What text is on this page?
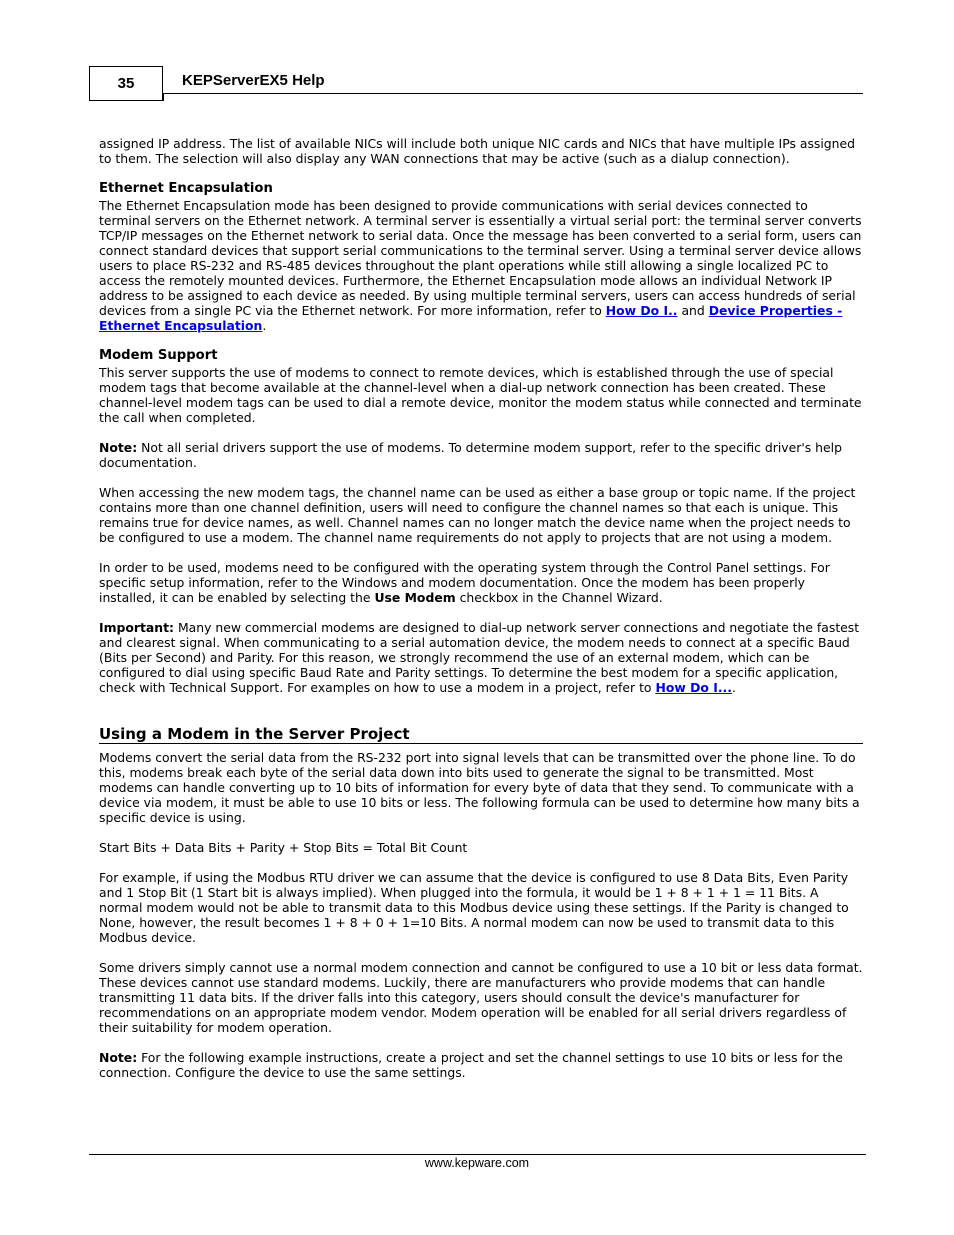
35	KEPServerEX5 Help

assigned IP address. The list of available NICs will include both unique NIC cards and NICs that have multiple IPs assigned to them. The selection will also display any WAN connections that may be active (such as a dialup connection).

Ethernet Encapsulation

The Ethernet Encapsulation mode has been designed to provide communications with serial devices connected to terminal servers on the Ethernet network. A terminal server is essentially a virtual serial port: the terminal server converts TCP/IP messages on the Ethernet network to serial data. Once the message has been converted to a serial form, users can connect standard devices that support serial communications to the terminal server. Using a terminal server device allows users to place RS-232 and RS-485 devices throughout the plant operations while still allowing a single localized PC to access the remotely mounted devices. Furthermore, the Ethernet Encapsulation mode allows an individual Network IP address to be assigned to each device as needed. By using multiple terminal servers, users can access hundreds of serial devices from a single PC via the Ethernet network. For more information, refer to How Do I.. and Device Properties - Ethernet Encapsulation.

Modem Support

This server supports the use of modems to connect to remote devices, which is established through the use of special modem tags that become available at the channel-level when a dial-up network connection has been created. These channel-level modem tags can be used to dial a remote device, monitor the modem status while connected and terminate the call when completed.

Note: Not all serial drivers support the use of modems. To determine modem support, refer to the specific driver's help documentation.

When accessing the new modem tags, the channel name can be used as either a base group or topic name. If the project contains more than one channel definition, users will need to configure the channel names so that each is unique. This remains true for device names, as well. Channel names can no longer match the device name when the project needs to be configured to use a modem. The channel name requirements do not apply to projects that are not using a modem.

In order to be used, modems need to be configured with the operating system through the Control Panel settings. For specific setup information, refer to the Windows and modem documentation. Once the modem has been properly installed, it can be enabled by selecting the Use Modem checkbox in the Channel Wizard.

Important: Many new commercial modems are designed to dial-up network server connections and negotiate the fastest and clearest signal. When communicating to a serial automation device, the modem needs to connect at a specific Baud (Bits per Second) and Parity. For this reason, we strongly recommend the use of an external modem, which can be configured to dial using specific Baud Rate and Parity settings. To determine the best modem for a specific application, check with Technical Support. For examples on how to use a modem in a project, refer to How Do I....

Using a Modem in the Server Project

Modems convert the serial data from the RS-232 port into signal levels that can be transmitted over the phone line. To do this, modems break each byte of the serial data down into bits used to generate the signal to be transmitted. Most modems can handle converting up to 10 bits of information for every byte of data that they send. To communicate with a device via modem, it must be able to use 10 bits or less. The following formula can be used to determine how many bits a specific device is using.

Start Bits + Data Bits + Parity + Stop Bits = Total Bit Count

For example, if using the Modbus RTU driver we can assume that the device is configured to use 8 Data Bits, Even Parity and 1 Stop Bit (1 Start bit is always implied). When plugged into the formula, it would be 1 + 8 + 1 + 1 = 11 Bits. A normal modem would not be able to transmit data to this Modbus device using these settings. If the Parity is changed to None, however, the result becomes 1 + 8 + 0 + 1=10 Bits. A normal modem can now be used to transmit data to this Modbus device.

Some drivers simply cannot use a normal modem connection and cannot be configured to use a 10 bit or less data format. These devices cannot use standard modems. Luckily, there are manufacturers who provide modems that can handle transmitting 11 data bits. If the driver falls into this category, users should consult the device's manufacturer for recommendations on an appropriate modem vendor. Modem operation will be enabled for all serial drivers regardless of their suitability for modem operation.

Note: For the following example instructions, create a project and set the channel settings to use 10 bits or less for the connection. Configure the device to use the same settings.

www.kepware.com
